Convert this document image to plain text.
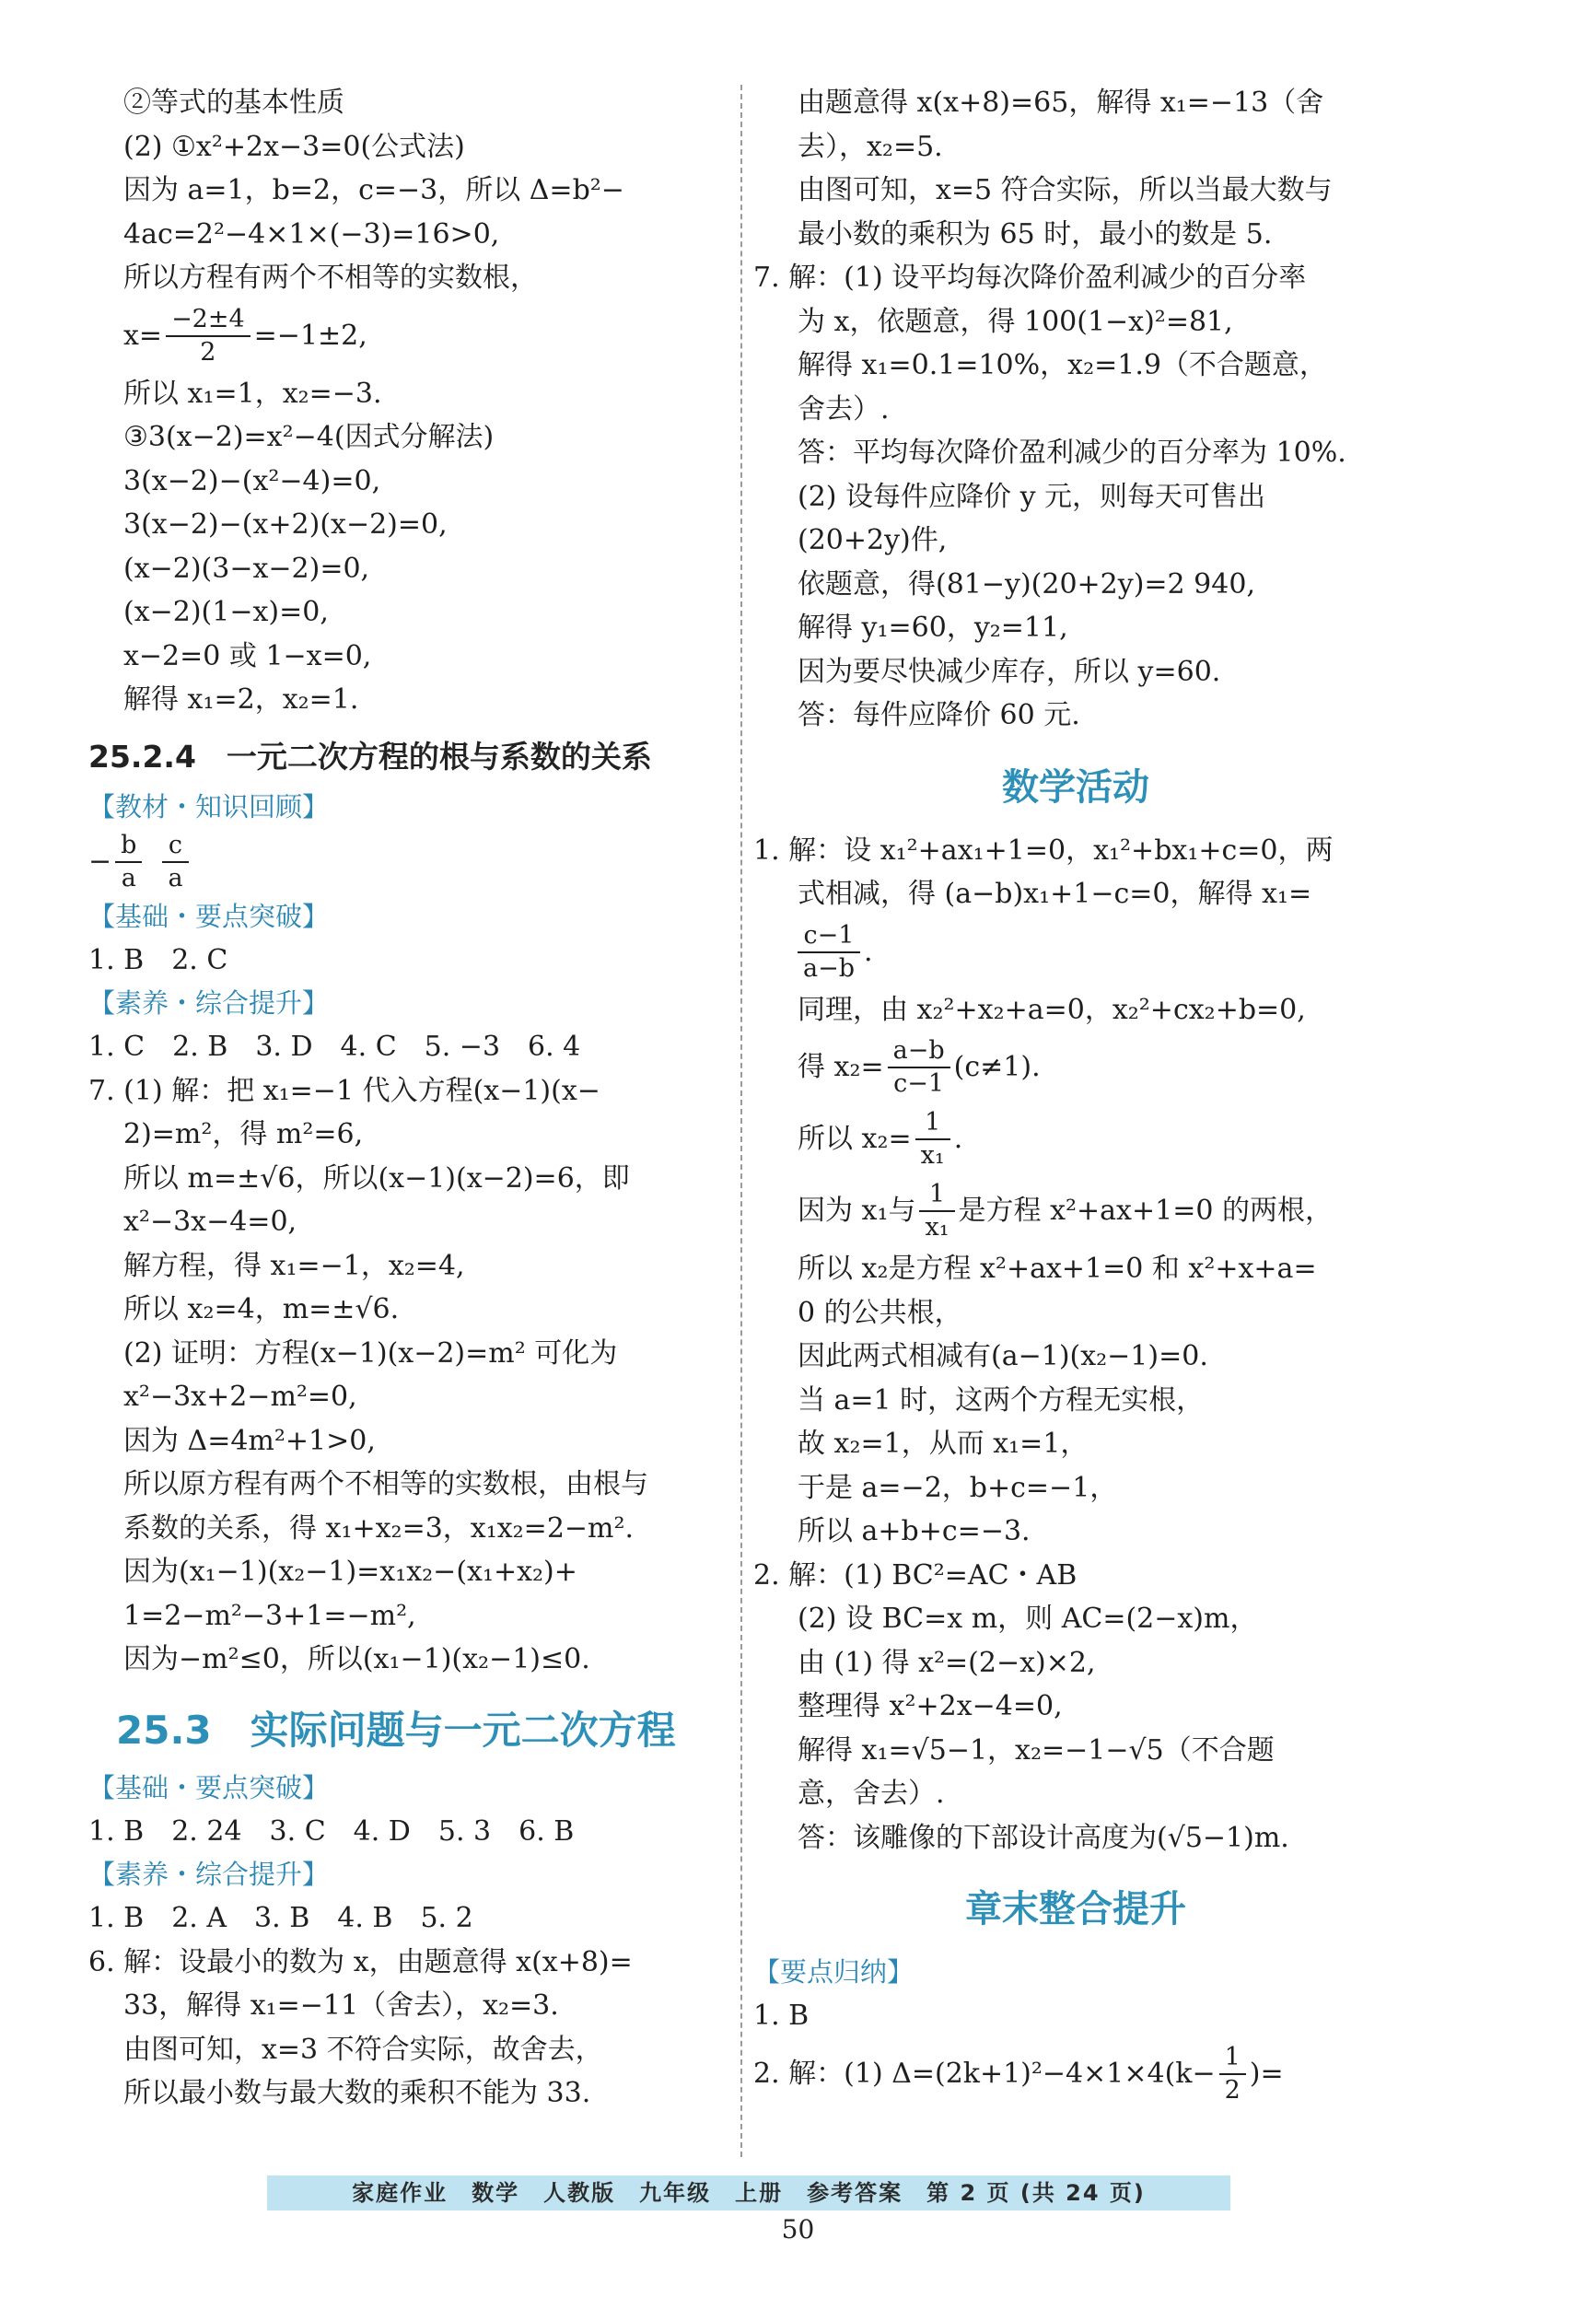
②等式的基本性质
(2) ①x²+2x−3=0(公式法)
因为 a=1，b=2，c=−3，所以 Δ=b²−
4ac=2²−4×1×(−3)=16>0,
所以方程有两个不相等的实数根，
$x= \frac{-2\pm 4}{2} =-1\pm 2$,
所以 x₁=1，x₂=−3.
③3(x−2)=x²−4(因式分解法)
3(x−2)−(x²−4)=0,
3(x−2)−(x+2)(x−2)=0,
(x−2)(3−x−2)=0,
(x−2)(1−x)=0,
x−2=0 或 1−x=0,
解得 x₁=2，x₂=1.
25.2.4　一元二次方程的根与系数的关系
【教材・知识回顾】
− $\frac{b}{a} \frac{c}{a}$
【基础・要点突破】
1. B　2. C
【素养・综合提升】
1. C　2. B　3. D　4. C　5. −3　6. 4
7. (1) 解：把 x₁=−1 代入方程(x−1)(x−
2)=m²，得 m²=6,
所以 m=±√6，所以(x−1)(x−2)=6，即
x²−3x−4=0,
解方程，得 x₁=−1，x₂=4,
所以 x₂=4，m=±√6.
(2) 证明：方程(x−1)(x−2)=m² 可化为
x²−3x+2−m²=0,
因为 Δ=4m²+1>0,
所以原方程有两个不相等的实数根，由根与
系数的关系，得 x₁+x₂=3，x₁x₂=2−m².
因为(x₁−1)(x₂−1)=x₁x₂−(x₁+x₂)+
1=2−m²−3+1=−m²,
因为−m²≤0，所以(x₁−1)(x₂−1)≤0.
25.3　实际问题与一元二次方程
【基础・要点突破】
1. B　2. 24　3. C　4. D　5. 3　6. B
【素养・综合提升】
1. B　2. A　3. B　4. B　5. 2
6. 解：设最小的数为 x，由题意得 x(x+8)=
33，解得 x₁=−11（舍去），x₂=3.
由图可知，x=3 不符合实际，故舍去，
所以最小数与最大数的乘积不能为 33.
由题意得 x(x+8)=65，解得 x₁=−13（舍
去），x₂=5.
由图可知，x=5 符合实际，所以当最大数与
最小数的乘积为 65 时，最小的数是 5.
7. 解：(1) 设平均每次降价盈利减少的百分率
为 x，依题意，得 100(1−x)²=81,
解得 x₁=0.1=10%，x₂=1.9（不合题意，
舍去）.
答：平均每次降价盈利减少的百分率为 10%.
(2) 设每件应降价 y 元，则每天可售出
(20+2y)件,
依题意，得(81−y)(20+2y)=2 940,
解得 y₁=60，y₂=11,
因为要尽快减少库存，所以 y=60.
答：每件应降价 60 元.
数学活动
1. 解：设 x₁²+ax₁+1=0，x₁²+bx₁+c=0，两
式相减，得 (a−b)x₁+1−c=0，解得 x₁=
$\frac{c-1}{a-b}$ .
同理，由 x₂²+x₂+a=0，x₂²+cx₂+b=0,
得 $x_2= \frac{a-b}{c-1} (c\ne 1)$.
所以 $x_2= \frac{1}{\text{x₁}}$ .
因为 x₁与 $\frac{1}{\text{x₁}}$ 是方程 x²+ax+1=0 的两根，
所以 x₂是方程 x²+ax+1=0 和 x²+x+a=
0 的公共根，
因此两式相减有(a−1)(x₂−1)=0.
当 a=1 时，这两个方程无实根，
故 x₂=1，从而 x₁=1，
于是 a=−2，b+c=−1，
所以 a+b+c=−3.
2. 解：(1) BC²=AC・AB
(2) 设 BC=x m，则 AC=(2−x)m，
由 (1) 得 x²=(2−x)×2,
整理得 x²+2x−4=0,
解得 x₁=√5−1，x₂=−1−√5（不合题
意，舍去）.
答：该雕像的下部设计高度为(√5−1)m.
章末整合提升
【要点归纳】
1. B
2. 解：(1) $\Delta=(2k+1)^2-4\times 1\times 4(k- \frac{1}{2}$ )=
家庭作业　数学　人教版　九年级　上册　参考答案　第 2 页 (共 24 页)
50
